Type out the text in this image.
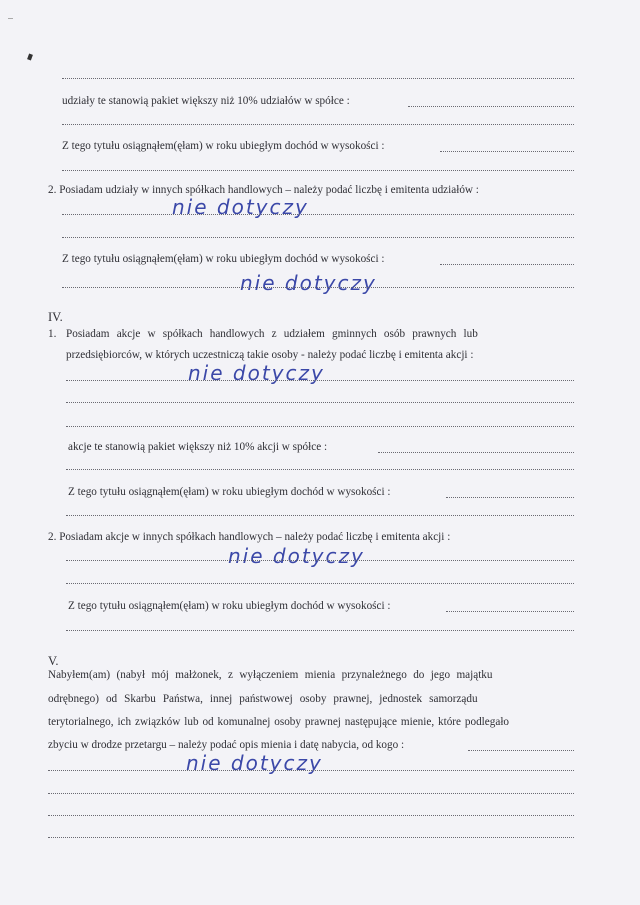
udziały te stanowią pakiet większy niż 10% udziałów w spółce :
Z tego tytułu osiągnąłem(ęłam) w roku ubiegłym dochód w wysokości :
2. Posiadam udziały w innych spółkach handlowych – należy podać liczbę i emitenta udziałów :
nie dotyczy
Z tego tytułu osiągnąłem(ęłam) w roku ubiegłym dochód w wysokości :
nie dotyczy
IV.
1. Posiadam akcje w spółkach handlowych z udziałem gminnych osób prawnych lub
przedsiębiorców, w których uczestniczą takie osoby - należy podać liczbę i emitenta akcji :
nie dotyczy
akcje te stanowią pakiet większy niż 10% akcji w spółce :
Z tego tytułu osiągnąłem(ęłam) w roku ubiegłym dochód w wysokości :
2. Posiadam akcje w innych spółkach handlowych – należy podać liczbę i emitenta akcji :
nie dotyczy
Z tego tytułu osiągnąłem(ęłam) w roku ubiegłym dochód w wysokości :
V.
Nabyłem(am) (nabył mój małżonek, z wyłączeniem mienia przynależnego do jego majątku
odrębnego) od Skarbu Państwa, innej państwowej osoby prawnej, jednostek samorządu
terytorialnego, ich związków lub od komunalnej osoby prawnej następujące mienie, które podlegało
zbyciu w drodze przetargu – należy podać opis mienia i datę nabycia, od kogo :
nie dotyczy
